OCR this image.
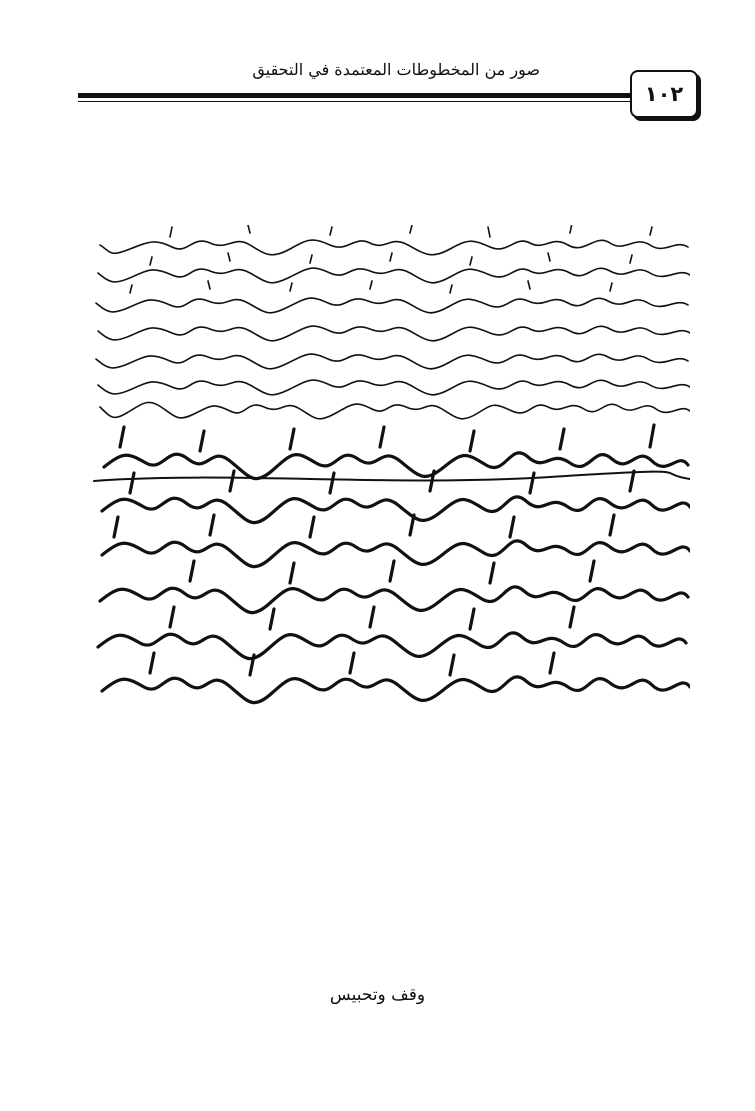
صور من المخطوطات المعتمدة في التحقيق
١٠٢
وقف وتحبيس
